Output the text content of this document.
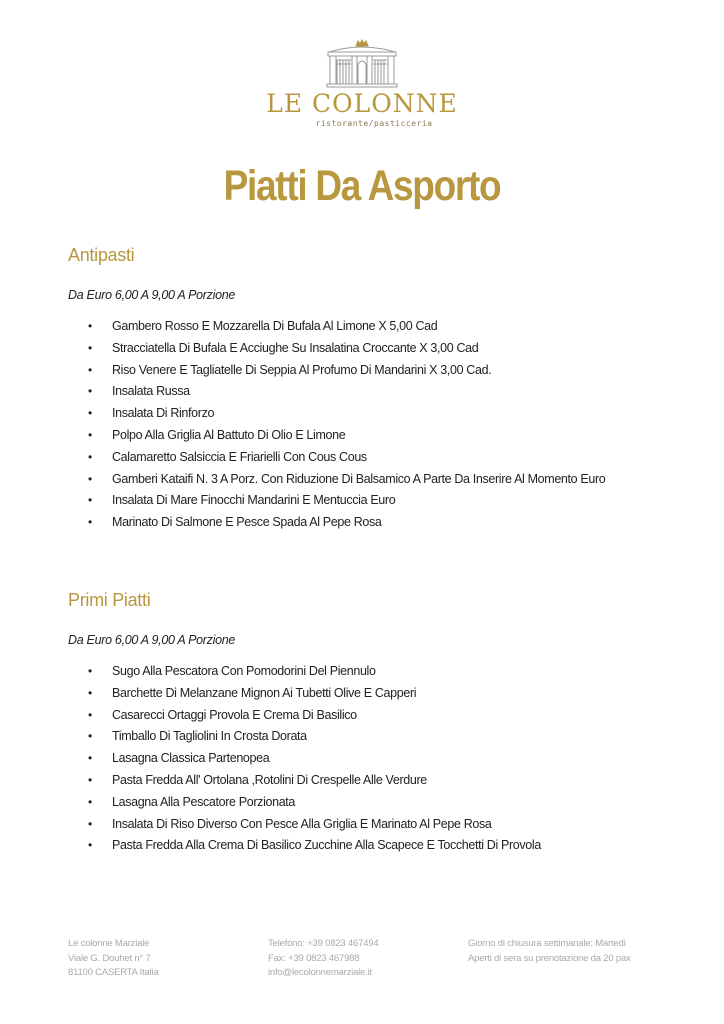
LE COLONNE
ristorante/pasticceria
Piatti Da Asporto
Antipasti

Da Euro 6,00 A 9,00 A Porzione

• Gambero Rosso E Mozzarella Di Bufala Al Limone X 5,00 Cad
• Stracciatella Di Bufala E Acciughe Su Insalatina Croccante X 3,00 Cad
• Riso Venere E Tagliatelle Di Seppia Al Profumo Di Mandarini X 3,00 Cad.
• Insalata Russa
• Insalata Di Rinforzo
• Polpo Alla Griglia Al Battuto Di Olio E Limone
• Calamaretto Salsiccia E Friarielli Con Cous Cous
• Gamberi Kataifi N. 3 A Porz. Con Riduzione Di Balsamico A Parte Da Inserire Al Momento Euro
• Insalata Di Mare Finocchi Mandarini E Mentuccia Euro
• Marinato Di Salmone E Pesce Spada Al Pepe Rosa
Primi Piatti

Da Euro 6,00 A 9,00 A Porzione

• Sugo Alla Pescatora Con Pomodorini Del Piennulo
• Barchette Di Melanzane Mignon Ai Tubetti Olive E Capperi
• Casarecci Ortaggi Provola E Crema Di Basilico
• Timballo Di Tagliolini In Crosta Dorata
• Lasagna Classica Partenopea
• Pasta Fredda All' Ortolana ,Rotolini Di Crespelle Alle Verdure
• Lasagna Alla Pescatore Porzionata
• Insalata Di Riso Diverso Con Pesce Alla Griglia E Marinato Al Pepe Rosa
• Pasta Fredda Alla Crema Di Basilico Zucchine Alla Scapece E Tocchetti Di Provola
Le colonne Marziale
Viale G. Douhet n° 7
81100 CASERTA Italia
Telefono: +39 0823 467494
Fax: +39 0823 467988
info@lecolonnemarziale.it
Giorno di chiusura settimanale: Martedì
Aperti di sera su prenotazione da 20 pax
